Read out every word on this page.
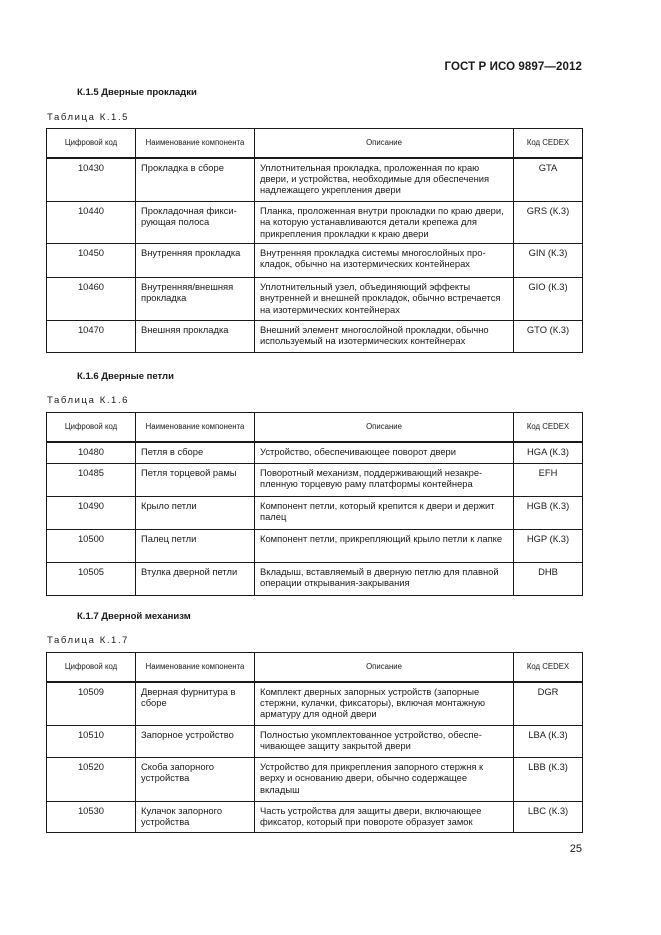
ГОСТ Р ИСО 9897—2012
К.1.5 Дверные прокладки
Таблица К.1.5
Цифровой код	Наименование компонента	Описание	Код CEDEX
10430	Прокладка в сборе	Уплотнительная прокладка, проложенная по краю двери, и устройства, необходимые для обеспечения надлежащего укрепления двери	GTA
10440	Прокладочная фиксирующая полоса	Планка, проложенная внутри прокладки по краю двери, на которую устанавливаются детали крепежа для прикрепления прокладки к краю двери	GRS (К.3)
10450	Внутренняя прокладка	Внутренняя прокладка системы многослойных прокладок, обычно на изотермических контейнерах	GIN (К.3)
10460	Внутренняя/внешняя прокладка	Уплотнительный узел, объединяющий эффекты внутренней и внешней прокладок, обычно встречается на изотермических контейнерах	GIO (К.3)
10470	Внешняя прокладка	Внешний элемент многослойной прокладки, обычно используемый на изотермических контейнерах	GTO (К.3)
К.1.6 Дверные петли
Таблица К.1.6
Цифровой код	Наименование компонента	Описание	Код CEDEX
10480	Петля в сборе	Устройство, обеспечивающее поворот двери	HGA (К.3)
10485	Петля торцевой рамы	Поворотный механизм, поддерживающий незакрепленную торцевую раму платформы контейнера	EFH
10490	Крыло петли	Компонент петли, который крепится к двери и держит палец	HGB (К.3)
10500	Палец петли	Компонент петли, прикрепляющий крыло петли к лапке	HGP (К.3)
10505	Втулка дверной петли	Вкладыш, вставляемый в дверную петлю для плавной операции открывания-закрывания	DHB
К.1.7 Дверной механизм
Таблица К.1.7
Цифровой код	Наименование компонента	Описание	Код CEDEX
10509	Дверная фурнитура в сборе	Комплект дверных запорных устройств (запорные стержни, кулачки, фиксаторы), включая монтажную арматуру для одной двери	DGR
10510	Запорное устройство	Полностью укомплектованное устройство, обеспечивающее защиту закрытой двери	LBA (К.3)
10520	Скоба запорного устройства	Устройство для прикрепления запорного стержня к верху и основанию двери, обычно содержащее вкладыш	LBB (К.3)
10530	Кулачок запорного устройства	Часть устройства для защиты двери, включающее фиксатор, который при повороте образует замок	LBC (К.3)
25
